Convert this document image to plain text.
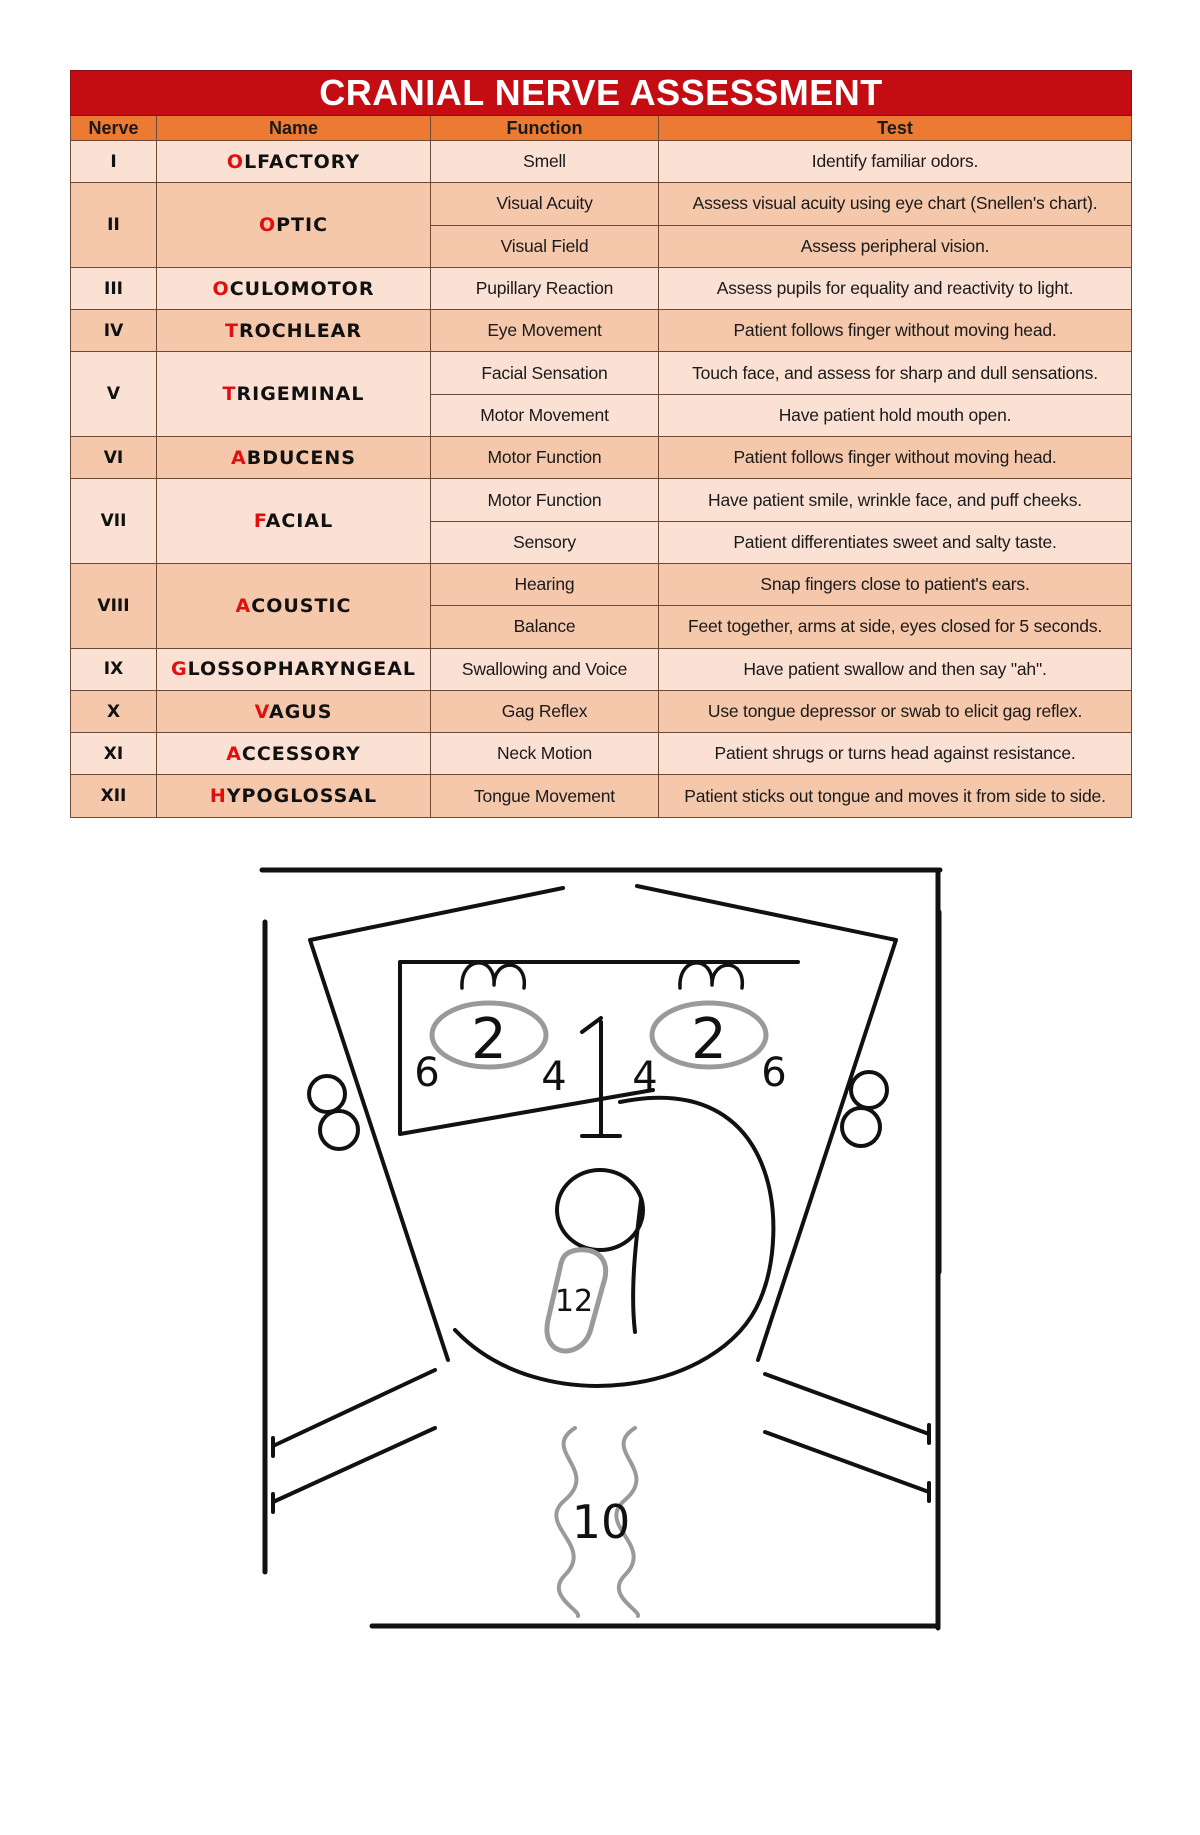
CRANIAL NERVE ASSESSMENT			
Nerve	Name	Function	Test
I	OLFACTORY	Smell	Identify familiar odors.
II	OPTIC	Visual Acuity	Assess visual acuity using eye chart (Snellen's chart).
		Visual Field	Assess peripheral vision.
III	OCULOMOTOR	Pupillary Reaction	Assess pupils for equality and reactivity to light.
IV	TROCHLEAR	Eye Movement	Patient follows finger without moving head.
V	TRIGEMINAL	Facial Sensation	Touch face, and assess for sharp and dull sensations.
		Motor Movement	Have patient hold mouth open.
VI	ABDUCENS	Motor Function	Patient follows finger without moving head.
VII	FACIAL	Motor Function	Have patient smile, wrinkle face, and puff cheeks.
		Sensory	Patient differentiates sweet and salty taste.
VIII	ACOUSTIC	Hearing	Snap fingers close to patient's ears.
		Balance	Feet together, arms at side, eyes closed for 5 seconds.
IX	GLOSSOPHARYNGEAL	Swallowing and Voice	Have patient swallow and then say "ah".
X	VAGUS	Gag Reflex	Use tongue depressor or swab to elicit gag reflex.
XI	ACCESSORY	Neck Motion	Patient shrugs or turns head against resistance.
XII	HYPOGLOSSAL	Tongue Movement	Patient sticks out tongue and moves it from side to side.
2	2
6	6
4 4
12
10
